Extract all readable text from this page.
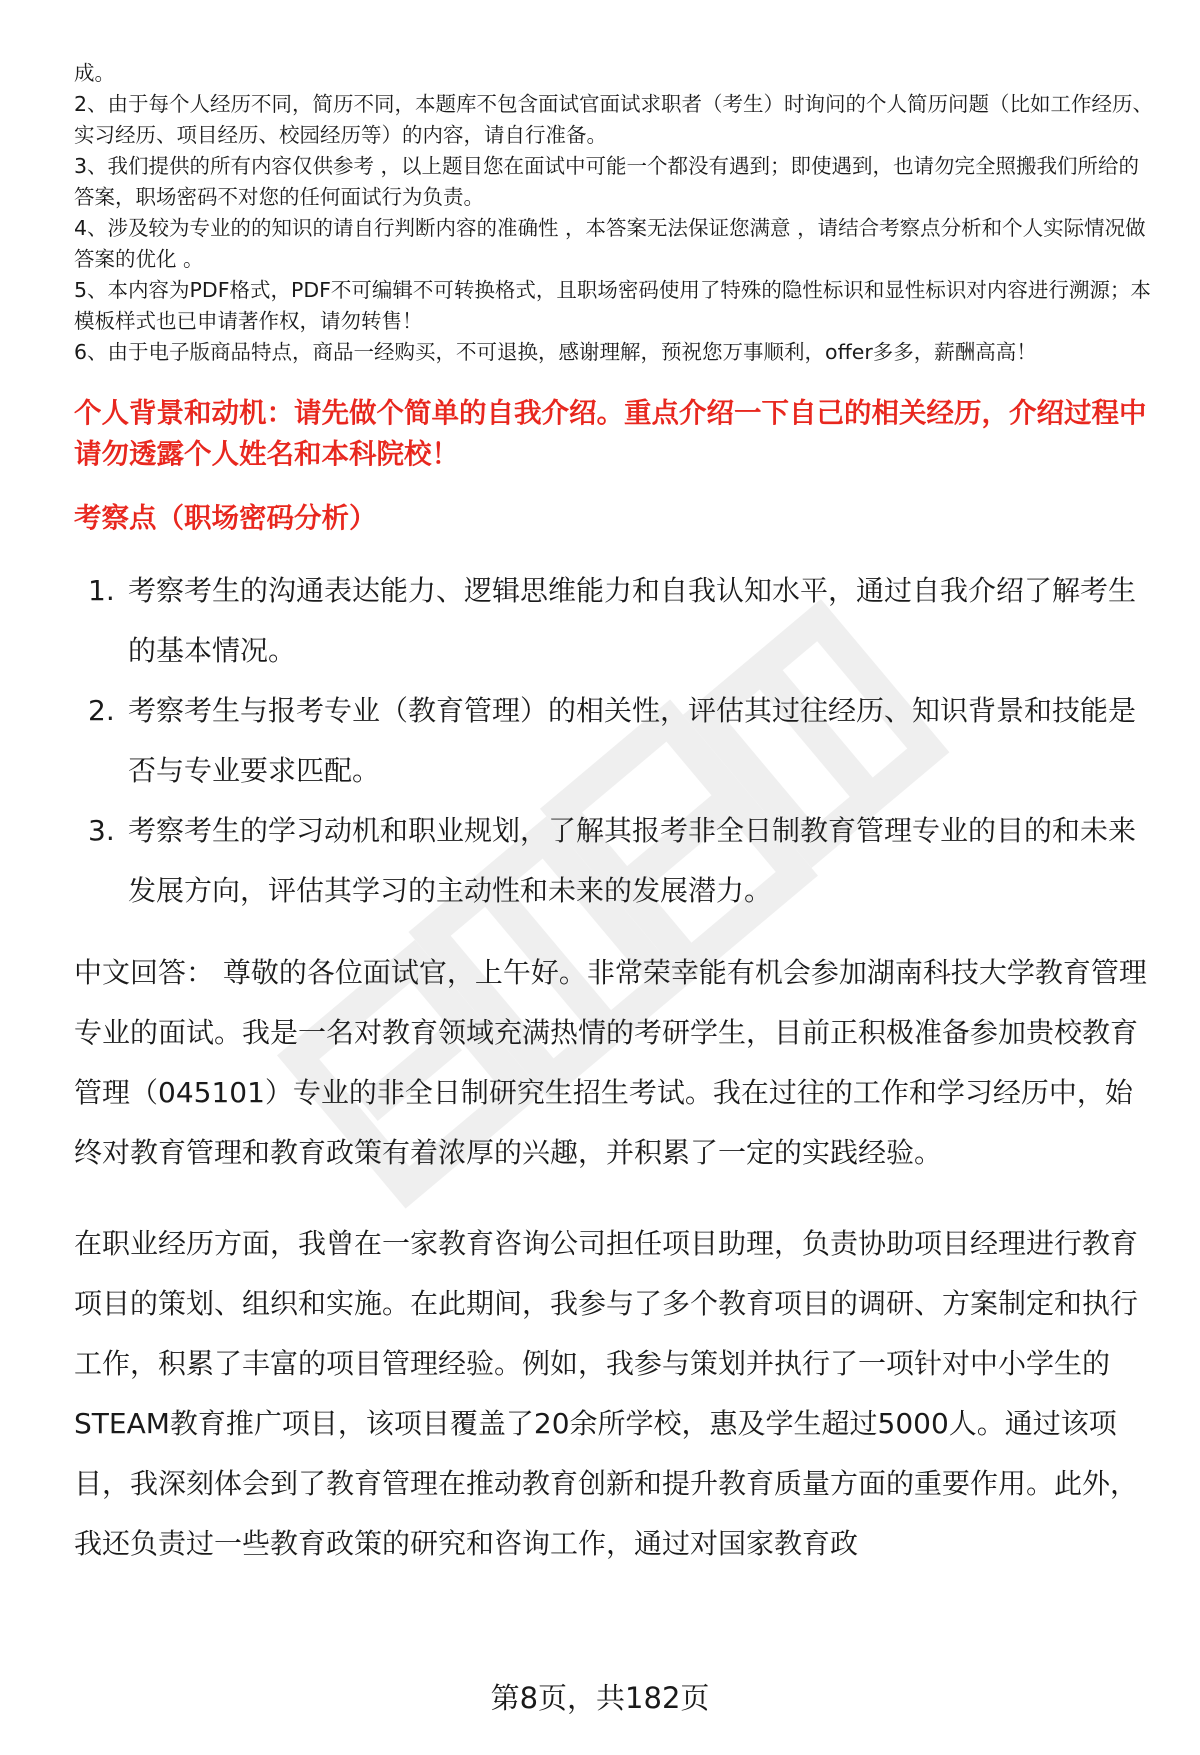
成。

2、由于每个人经历不同，简历不同，本题库不包含面试官面试求职者（考生）时询问的个人简历问题（比如工作经历、实习经历、项目经历、校园经历等）的内容，请自行准备。

3、我们提供的所有内容仅供参考 ，以上题目您在面试中可能一个都没有遇到；即使遇到，也请勿完全照搬我们所给的答案，职场密码不对您的任何面试行为负责。

4、涉及较为专业的的知识的请自行判断内容的准确性 ，本答案无法保证您满意 ，请结合考察点分析和个人实际情况做答案的优化 。

5、本内容为PDF格式，PDF不可编辑不可转换格式，且职场密码使用了特殊的隐性标识和显性标识对内容进行溯源；本模板样式也已申请著作权，请勿转售！

6、由于电子版商品特点，商品一经购买，不可退换，感谢理解，预祝您万事顺利，offer多多，薪酬高高！

个人背景和动机：请先做个简单的自我介绍。重点介绍一下自己的相关经历，介绍过程中请勿透露个人姓名和本科院校！
考察点（职场密码分析）
1. 考察考生的沟通表达能力、逻辑思维能力和自我认知水平，通过自我介绍了解考生的基本情况。
2. 考察考生与报考专业（教育管理）的相关性，评估其过往经历、知识背景和技能是否与专业要求匹配。
3. 考察考生的学习动机和职业规划，了解其报考非全日制教育管理专业的目的和未来发展方向，评估其学习的主动性和未来的发展潜力。

中文回答： 尊敬的各位面试官，上午好。非常荣幸能有机会参加湖南科技大学教育管理专业的面试。我是一名对教育领域充满热情的考研学生，目前正积极准备参加贵校教育管理（045101）专业的非全日制研究生招生考试。我在过往的工作和学习经历中，始终对教育管理和教育政策有着浓厚的兴趣，并积累了一定的实践经验。

在职业经历方面，我曾在一家教育咨询公司担任项目助理，负责协助项目经理进行教育项目的策划、组织和实施。在此期间，我参与了多个教育项目的调研、方案制定和执行工作，积累了丰富的项目管理经验。例如，我参与策划并执行了一项针对中小学生的STEAM教育推广项目，该项目覆盖了20余所学校，惠及学生超过5000人。通过该项目，我深刻体会到了教育管理在推动教育创新和提升教育质量方面的重要作用。此外，我还负责过一些教育政策的研究和咨询工作，通过对国家教育政

第8页，共182页
